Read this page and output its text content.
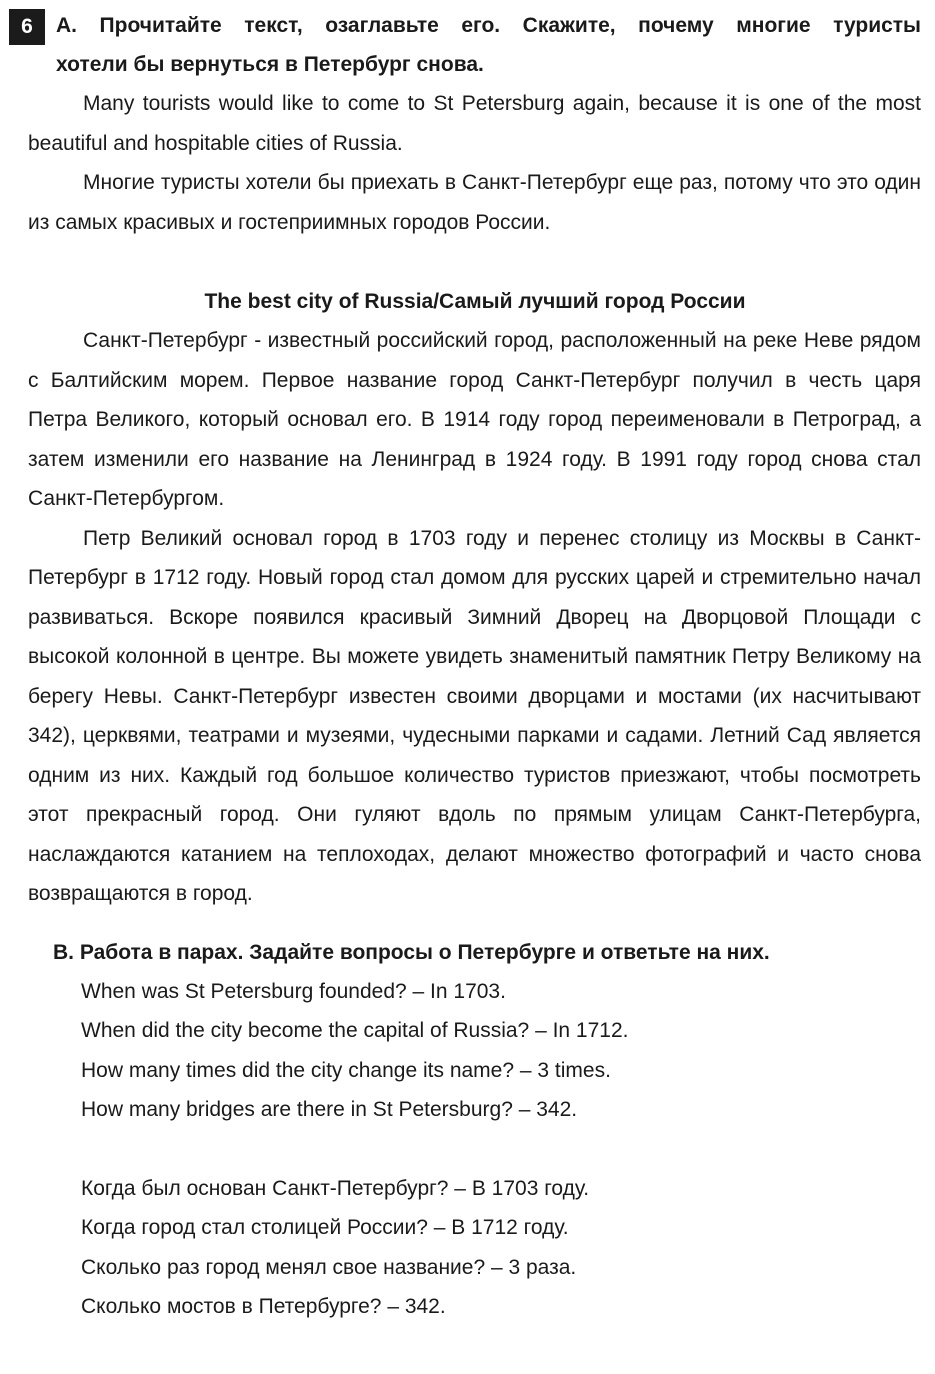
6	A. Прочитайте текст, озаглавьте его. Скажите, почему многие туристы
хотели бы вернуться в Петербург снова.

Many tourists would like to come to St Petersburg again, because it is one of the most beautiful and hospitable cities of Russia.

Многие туристы хотели бы приехать в Санкт-Петербург еще раз, потому что это один из самых красивых и гостеприимных городов России.

The best city of Russia/Самый лучший город России

Санкт-Петербург - известный российский город, расположенный на реке Неве рядом с Балтийским морем. Первое название город Санкт-Петербург получил в честь царя Петра Великого, который основал его. В 1914 году город переименовали в Петроград, а затем изменили его название на Ленинград в 1924 году. В 1991 году город снова стал Санкт-Петербургом.

Петр Великий основал город в 1703 году и перенес столицу из Москвы в Санкт-Петербург в 1712 году. Новый город стал домом для русских царей и стремительно начал развиваться. Вскоре появился красивый Зимний Дворец на Дворцовой Площади с высокой колонной в центре. Вы можете увидеть знаменитый памятник Петру Великому на берегу Невы. Санкт-Петербург известен своими дворцами и мостами (их насчитывают 342), церквями, театрами и музеями, чудесными парками и садами. Летний Сад является одним из них. Каждый год большое количество туристов приезжают, чтобы посмотреть этот прекрасный город. Они гуляют вдоль по прямым улицам Санкт-Петербурга, наслаждаются катанием на теплоходах, делают множество фотографий и часто снова возвращаются в город.

B. Работа в парах. Задайте вопросы о Петербурге и ответьте на них.
When was St Petersburg founded? – In 1703.
When did the city become the capital of Russia? – In 1712.
How many times did the city change its name? – 3 times.
How many bridges are there in St Petersburg? – 342.
Когда был основан Санкт-Петербург? – В 1703 году.
Когда город стал столицей России? – В 1712 году.
Сколько раз город менял свое название? – 3 раза.
Сколько мостов в Петербурге? – 342.
